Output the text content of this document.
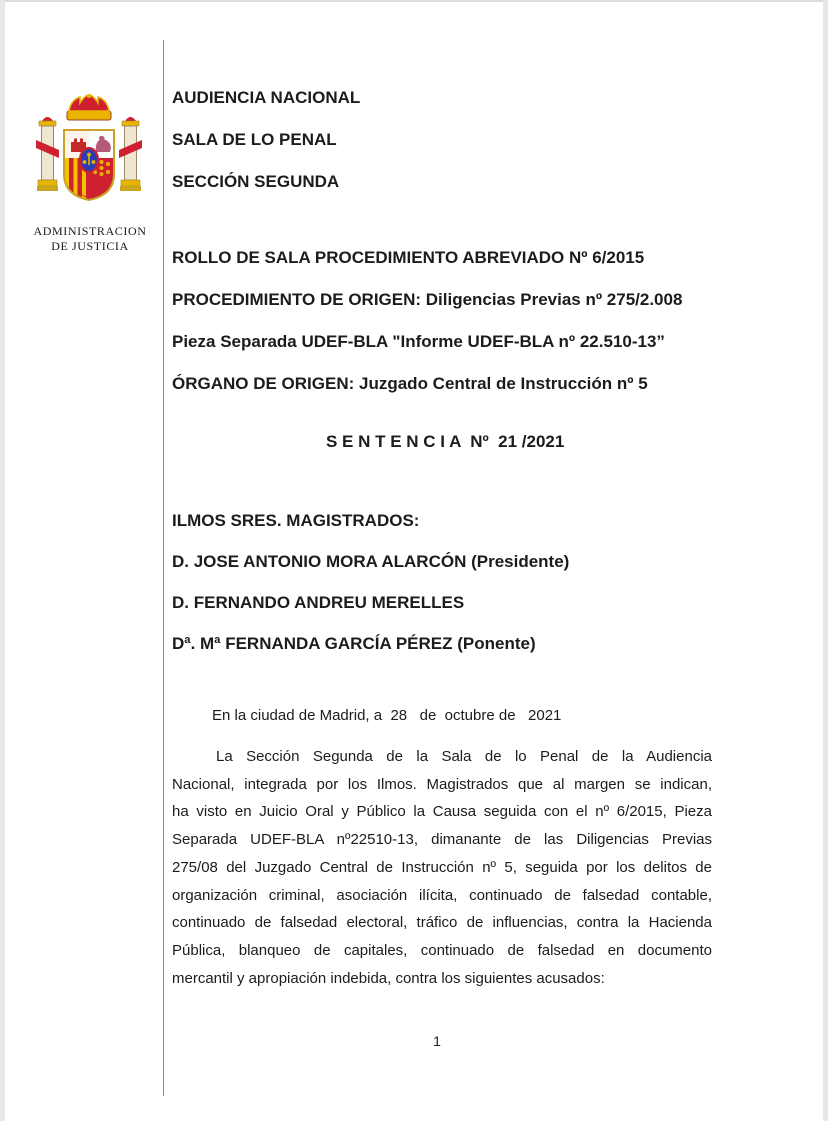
ADMINISTRACION
DE JUSTICIA
AUDIENCIA NACIONAL
SALA DE LO PENAL
SECCIÓN SEGUNDA
ROLLO DE SALA PROCEDIMIENTO ABREVIADO Nº 6/2015
PROCEDIMIENTO DE ORIGEN: Diligencias Previas nº 275/2.008
Pieza Separada UDEF-BLA "Informe UDEF-BLA nº 22.510-13”
ÓRGANO DE ORIGEN: Juzgado Central de Instrucción nº 5
S E N T E N C I A  Nº  21 /2021
ILMOS SRES. MAGISTRADOS:
D. JOSE ANTONIO MORA ALARCÓN (Presidente)
D. FERNANDO ANDREU MERELLES
Dª. Mª FERNANDA GARCÍA PÉREZ (Ponente)
En la ciudad de Madrid, a  28   de  octubre de   2021
La Sección Segunda de la Sala de lo Penal de la Audiencia
Nacional, integrada por los Ilmos. Magistrados que al margen se indican,
ha visto en Juicio Oral y Público la Causa seguida con el nº 6/2015, Pieza
Separada UDEF-BLA nº22510-13, dimanante de las Diligencias Previas
275/08 del Juzgado Central de Instrucción nº 5, seguida por los delitos de
organización criminal, asociación ilícita, continuado de falsedad contable,
continuado de falsedad electoral, tráfico de influencias, contra la Hacienda
Pública, blanqueo de capitales, continuado de falsedad en documento
mercantil y apropiación indebida, contra los siguientes acusados:
1
